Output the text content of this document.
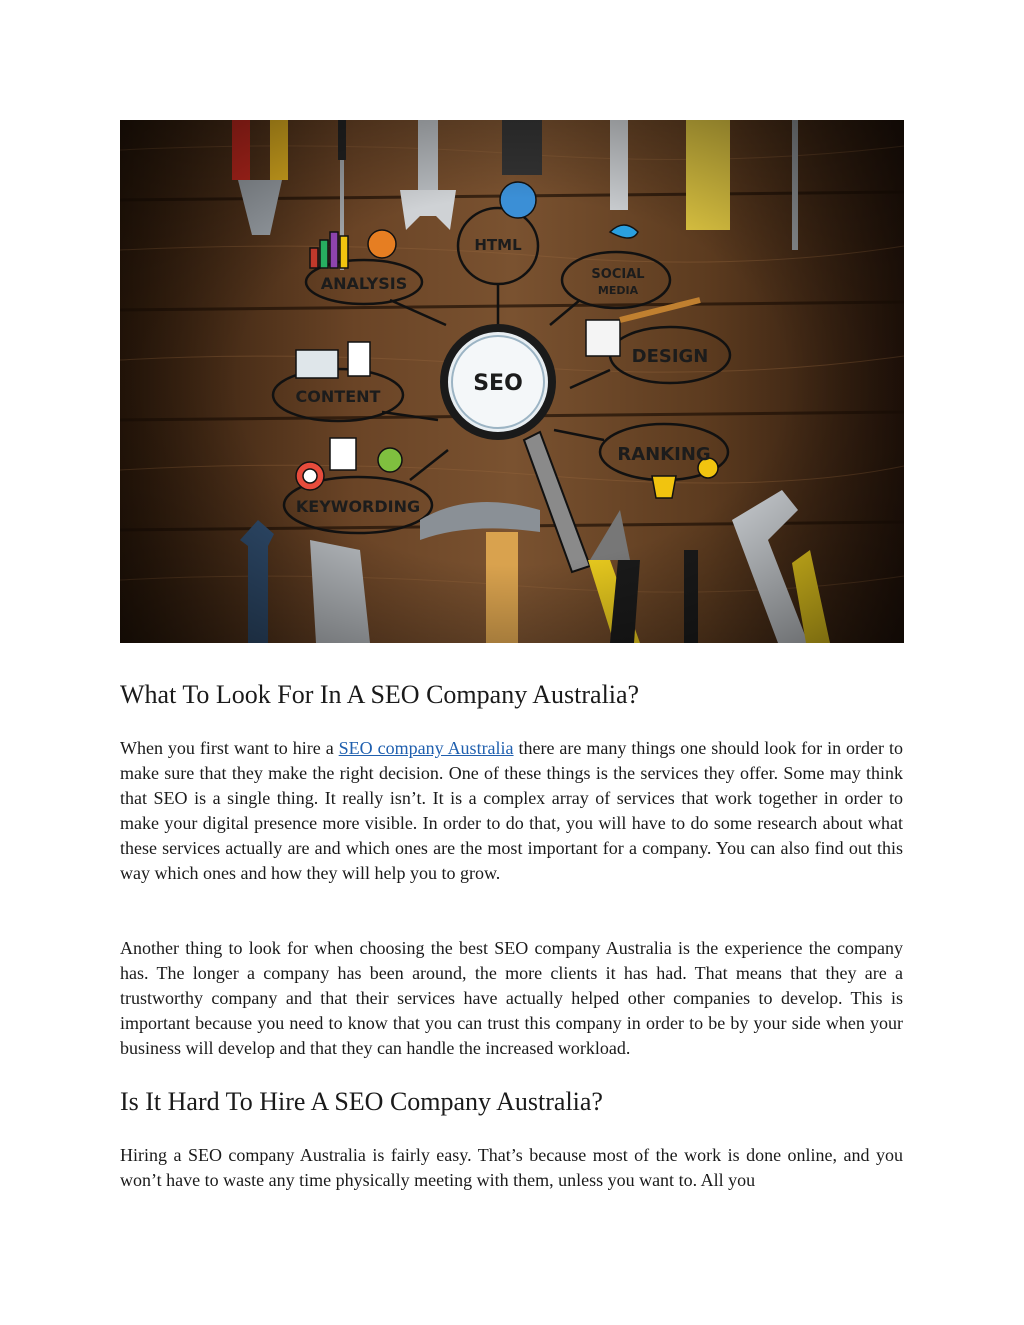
What To Look For In A SEO Company Australia?

When you first want to hire a SEO company Australia there are many things one should look for in order to make sure that they make the right decision. One of these things is the services they offer. Some may think that SEO is a single thing. It really isn’t. It is a complex array of services that work together in order to make your digital presence more visible. In order to do that, you will have to do some research about what these services actually are and which ones are the most important for a company. You can also find out this way which ones and how they will help you to grow.

Another thing to look for when choosing the best SEO company Australia is the experience the company has. The longer a company has been around, the more clients it has had. That means that they are a trustworthy company and that their services have actually helped other companies to develop. This is important because you need to know that you can trust this company in order to be by your side when your business will develop and that they can handle the increased workload.

Is It Hard To Hire A SEO Company Australia?

Hiring a SEO company Australia is fairly easy. That’s because most of the work is done online, and you won’t have to waste any time physically meeting with them, unless you want to. All you
